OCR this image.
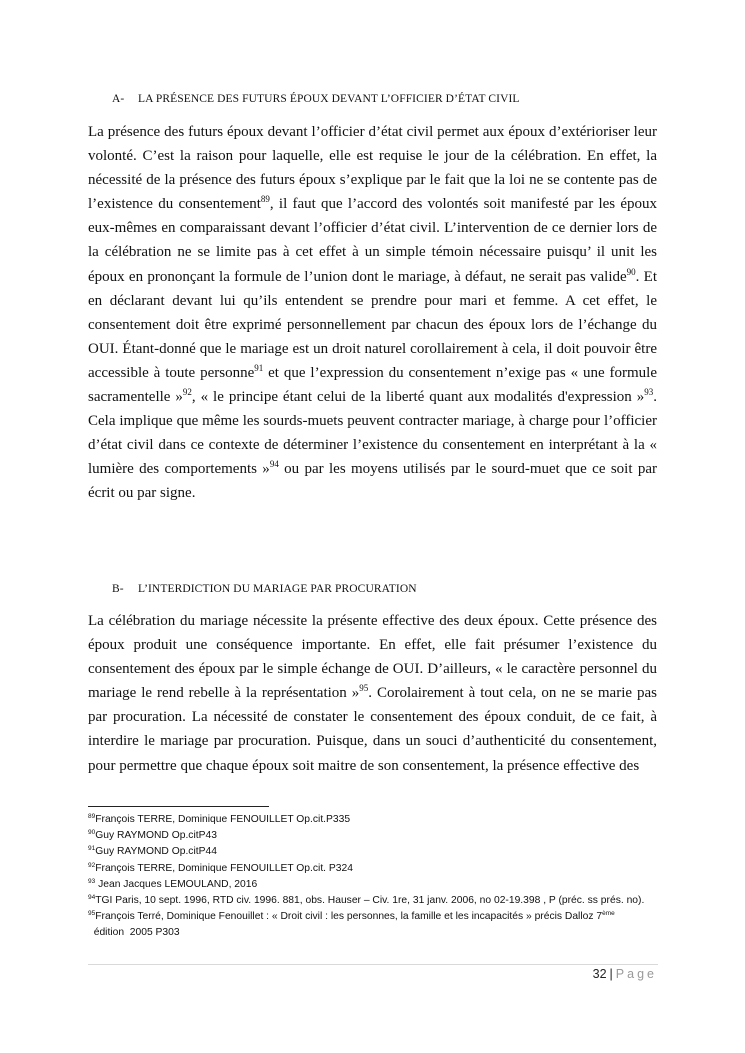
A- LA PRÉSENCE DES FUTURS ÉPOUX DEVANT L’OFFICIER D’ÉTAT CIVIL

La présence des futurs époux devant l’officier d’état civil permet aux époux d’extérioriser leur volonté. C’est la raison pour laquelle, elle est requise le jour de la célébration. En effet, la nécessité de la présence des futurs époux s’explique par le fait que la loi ne se contente pas de l’existence du consentement$^{89}$, il faut que l’accord des volontés soit manifesté par les époux eux-mêmes en comparaissant devant l’officier d’état civil. L’intervention de ce dernier lors de la célébration ne se limite pas à cet effet à un simple témoin nécessaire puisqu’ il unit les époux en prononçant la formule de l’union dont le mariage, à défaut, ne serait pas valide$^{90}$. Et en déclarant devant lui qu’ils entendent se prendre pour mari et femme. A cet effet, le consentement doit être exprimé personnellement par chacun des époux lors de l’échange du OUI. Étant-donné que le mariage est un droit naturel corollairement à cela, il doit pouvoir être accessible à toute personne$^{91}$ et que l’expression du consentement n’exige pas « une formule sacramentelle »$^{92}$, « le principe étant celui de la liberté quant aux modalités d'expression »$^{93}$. Cela implique que même les sourds-muets peuvent contracter mariage, à charge pour l’officier d’état civil dans ce contexte de déterminer l’existence du consentement en interprétant à la « lumière des comportements »$^{94}$ ou par les moyens utilisés par le sourd-muet que ce soit par écrit ou par signe.

B- L’INTERDICTION DU MARIAGE PAR PROCURATION

La célébration du mariage nécessite la présente effective des deux époux. Cette présence des époux produit une conséquence importante. En effet, elle fait présumer l’existence du consentement des époux par le simple échange de OUI. D’ailleurs, « le caractère personnel du mariage le rend rebelle à la représentation »$^{95}$. Corolairement à tout cela, on ne se marie pas par procuration. La nécessité de constater le consentement des époux conduit, de ce fait, à interdire le mariage par procuration. Puisque, dans un souci d’authenticité du consentement, pour permettre que chaque époux soit maitre de son consentement, la présence effective des

$^{89}$François TERRE, Dominique FENOUILLET Op.cit.P335

$^{90}$Guy RAYMOND Op.citP43

$^{91}$Guy RAYMOND Op.citP44

$^{92}$François TERRE, Dominique FENOUILLET Op.cit. P324

$^{93}$ Jean Jacques LEMOULAND, 2016

$^{94}$TGI Paris, 10 sept. 1996, RTD civ. 1996. 881, obs. Hauser – Civ. 1re, 31 janv. 2006, no 02-19.398 , P (préc. ss prés. no).

$^{95}$François Terré, Dominique Fenouillet : « Droit civil : les personnes, la famille et les incapacités » précis Dalloz 7ème  édition  2005 P303

32 | Page
